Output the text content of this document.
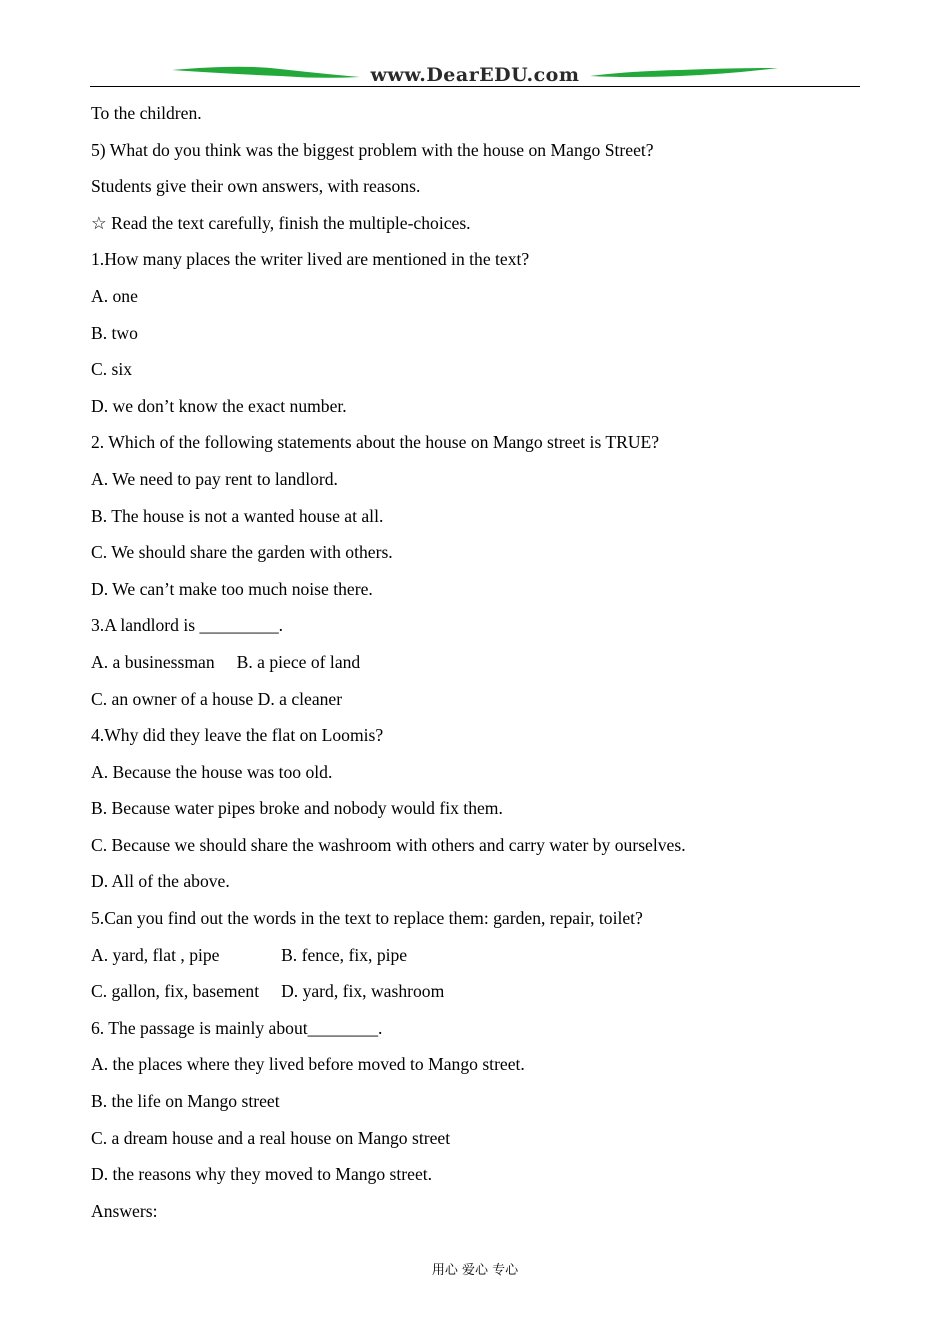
www.DearEDU.com
To the children.
5) What do you think was the biggest problem with the house on Mango Street?
Students give their own answers, with reasons.
☆ Read the text carefully, finish the multiple-choices.
1.How many places the writer lived are mentioned in the text?
A. one
B. two
C. six
D. we don’t know the exact number.
2. Which of the following statements about the house on Mango street is TRUE?
A. We need to pay rent to landlord.
B. The house is not a wanted house at all.
C. We should share the garden with others.
D. We can’t make too much noise there.
3.A landlord is _________.
A. a businessman     B. a piece of land
C. an owner of a house D. a cleaner
4.Why did they leave the flat on Loomis?
A. Because the house was too old.
B. Because water pipes broke and nobody would fix them.
C. Because we should share the washroom with others and carry water by ourselves.
D. All of the above.
5.Can you find out the words in the text to replace them: garden, repair, toilet?
A. yard, flat , pipe              B. fence, fix, pipe
C. gallon, fix, basement     D. yard, fix, washroom
6. The passage is mainly about________.
A. the places where they lived before moved to Mango street.
B. the life on Mango street
C. a dream house and a real house on Mango street
D. the reasons why they moved to Mango street.
Answers:
用心 爱心 专心
